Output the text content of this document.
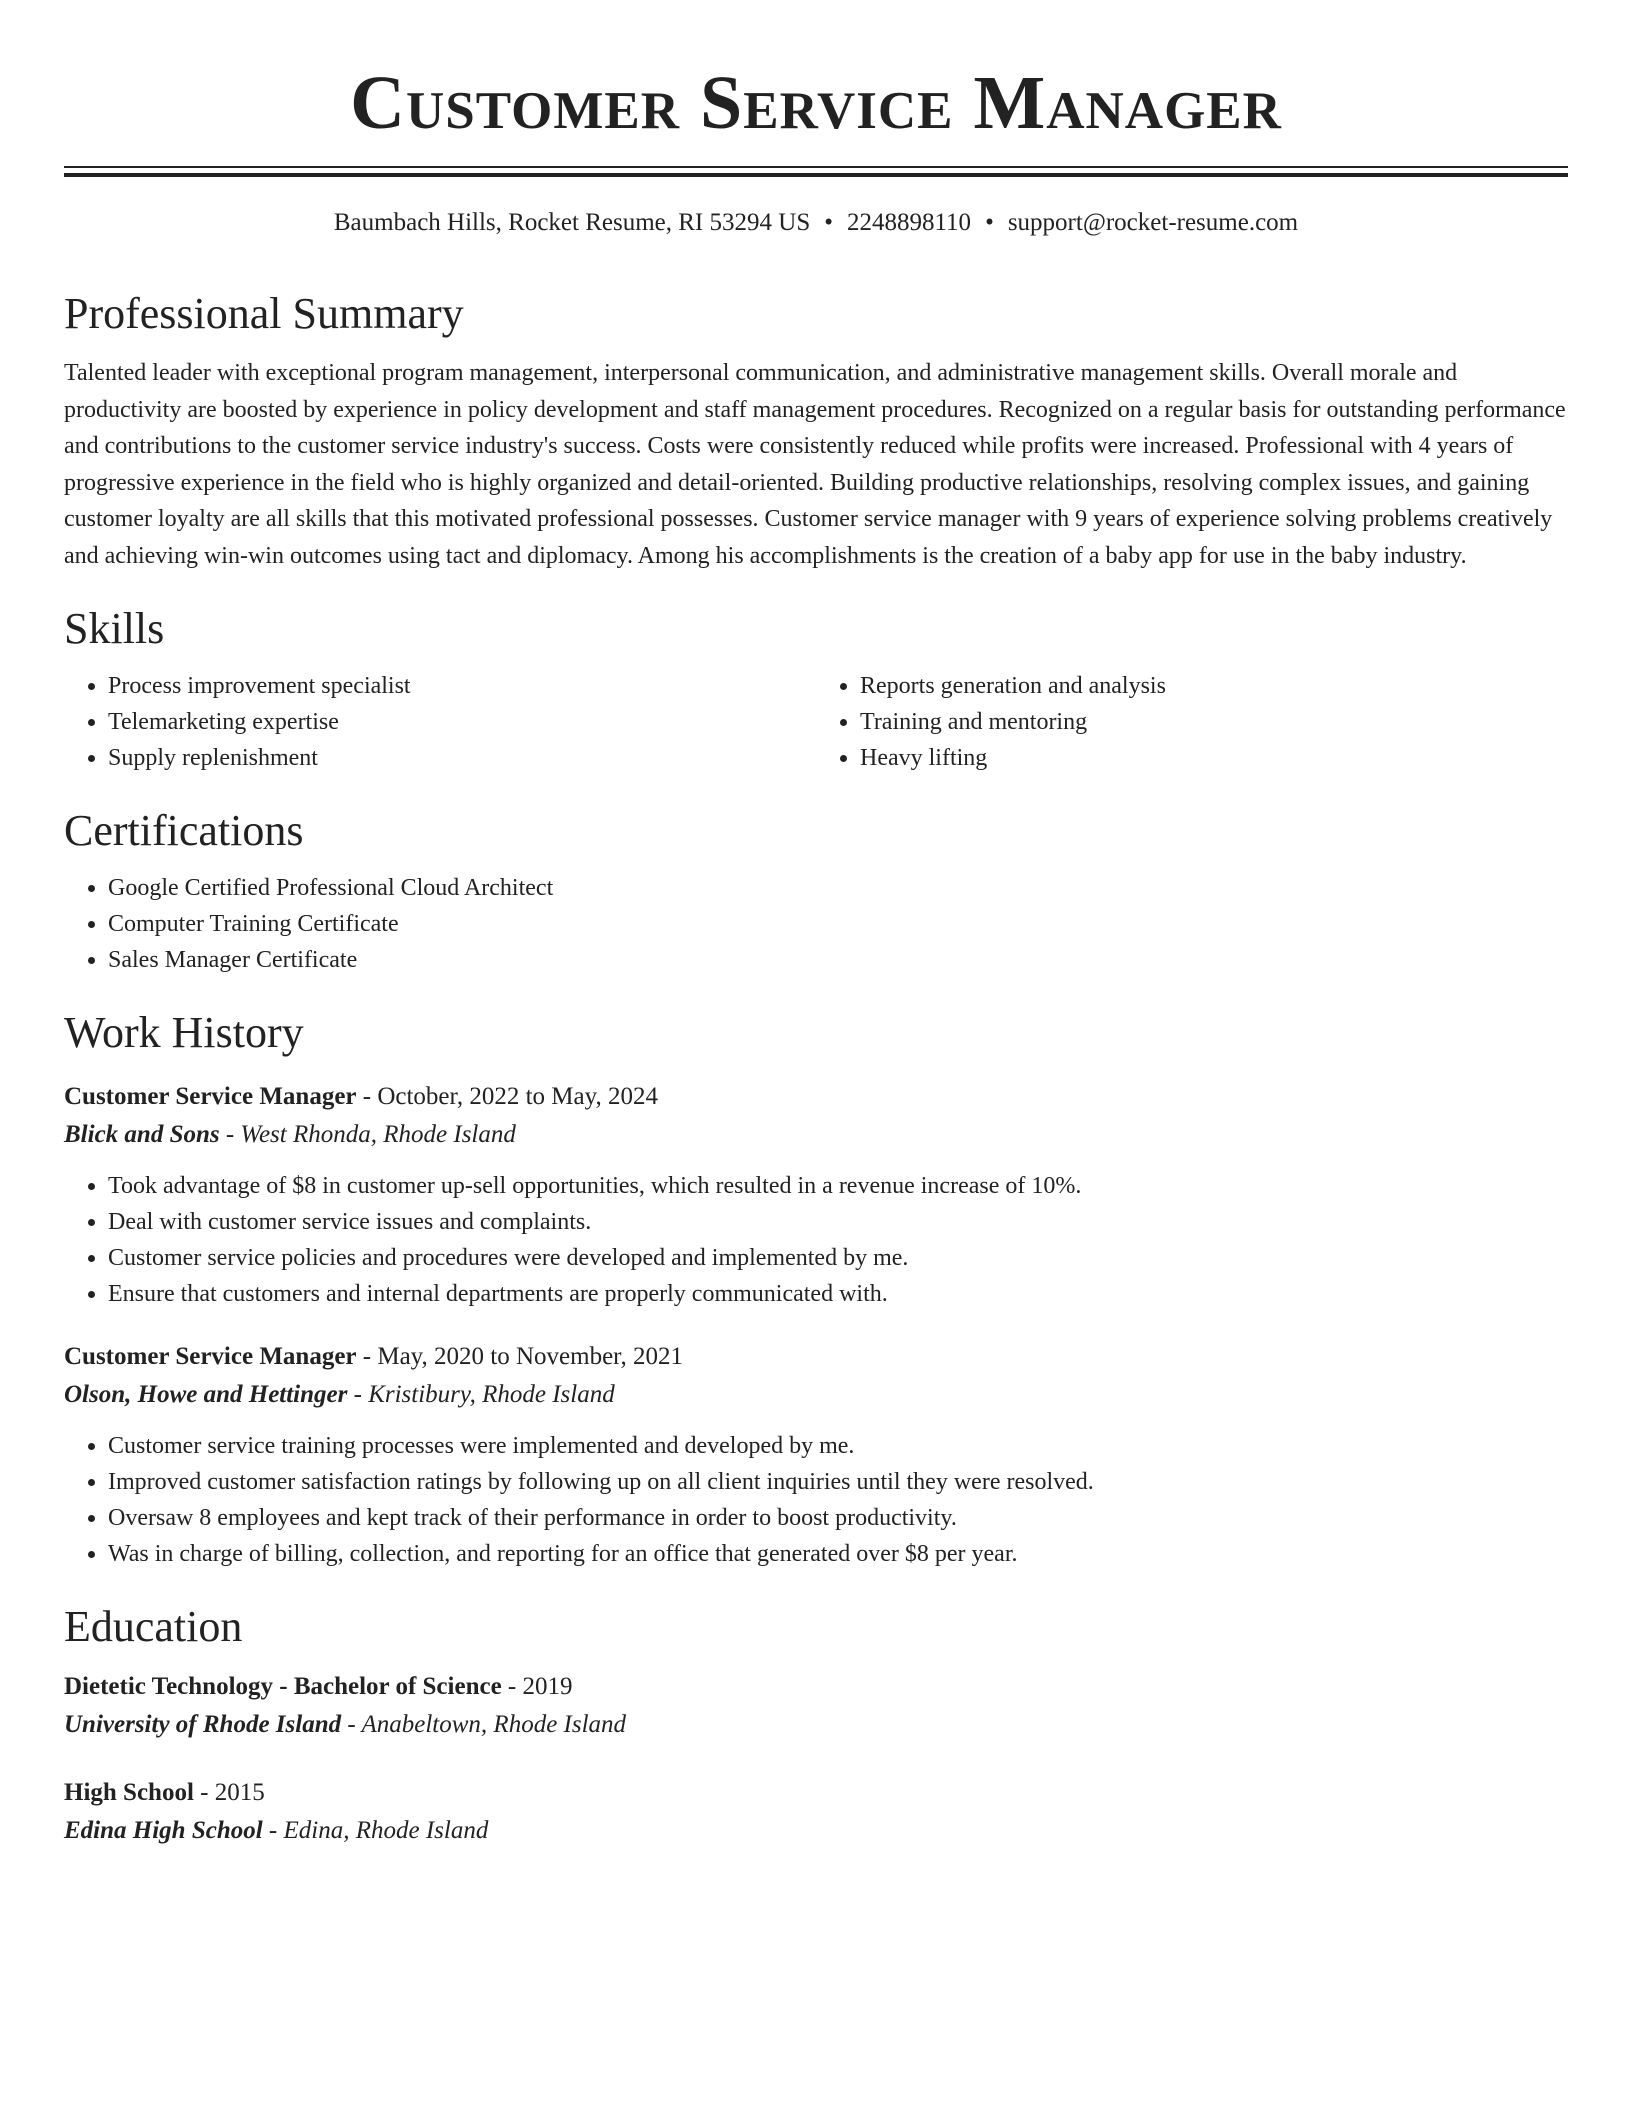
Customer Service Manager
Baumbach Hills, Rocket Resume, RI 53294 US • 2248898110 • support@rocket-resume.com
Professional Summary

Talented leader with exceptional program management, interpersonal communication, and administrative management skills. Overall morale and productivity are boosted by experience in policy development and staff management procedures. Recognized on a regular basis for outstanding performance and contributions to the customer service industry's success. Costs were consistently reduced while profits were increased. Professional with 4 years of progressive experience in the field who is highly organized and detail-oriented. Building productive relationships, resolving complex issues, and gaining customer loyalty are all skills that this motivated professional possesses. Customer service manager with 9 years of experience solving problems creatively and achieving win-win outcomes using tact and diplomacy. Among his accomplishments is the creation of a baby app for use in the baby industry.

Skills
• Process improvement specialist
• Telemarketing expertise
• Supply replenishment
• Reports generation and analysis
• Training and mentoring
• Heavy lifting
Certifications
• Google Certified Professional Cloud Architect
• Computer Training Certificate
• Sales Manager Certificate
Work History
Customer Service Manager - October, 2022 to May, 2024
Blick and Sons - West Rhonda, Rhode Island
• Took advantage of $8 in customer up-sell opportunities, which resulted in a revenue increase of 10%.
• Deal with customer service issues and complaints.
• Customer service policies and procedures were developed and implemented by me.
• Ensure that customers and internal departments are properly communicated with.
Customer Service Manager - May, 2020 to November, 2021
Olson, Howe and Hettinger - Kristibury, Rhode Island
• Customer service training processes were implemented and developed by me.
• Improved customer satisfaction ratings by following up on all client inquiries until they were resolved.
• Oversaw 8 employees and kept track of their performance in order to boost productivity.
• Was in charge of billing, collection, and reporting for an office that generated over $8 per year.
Education
Dietetic Technology - Bachelor of Science - 2019
University of Rhode Island - Anabeltown, Rhode Island
High School - 2015
Edina High School - Edina, Rhode Island
